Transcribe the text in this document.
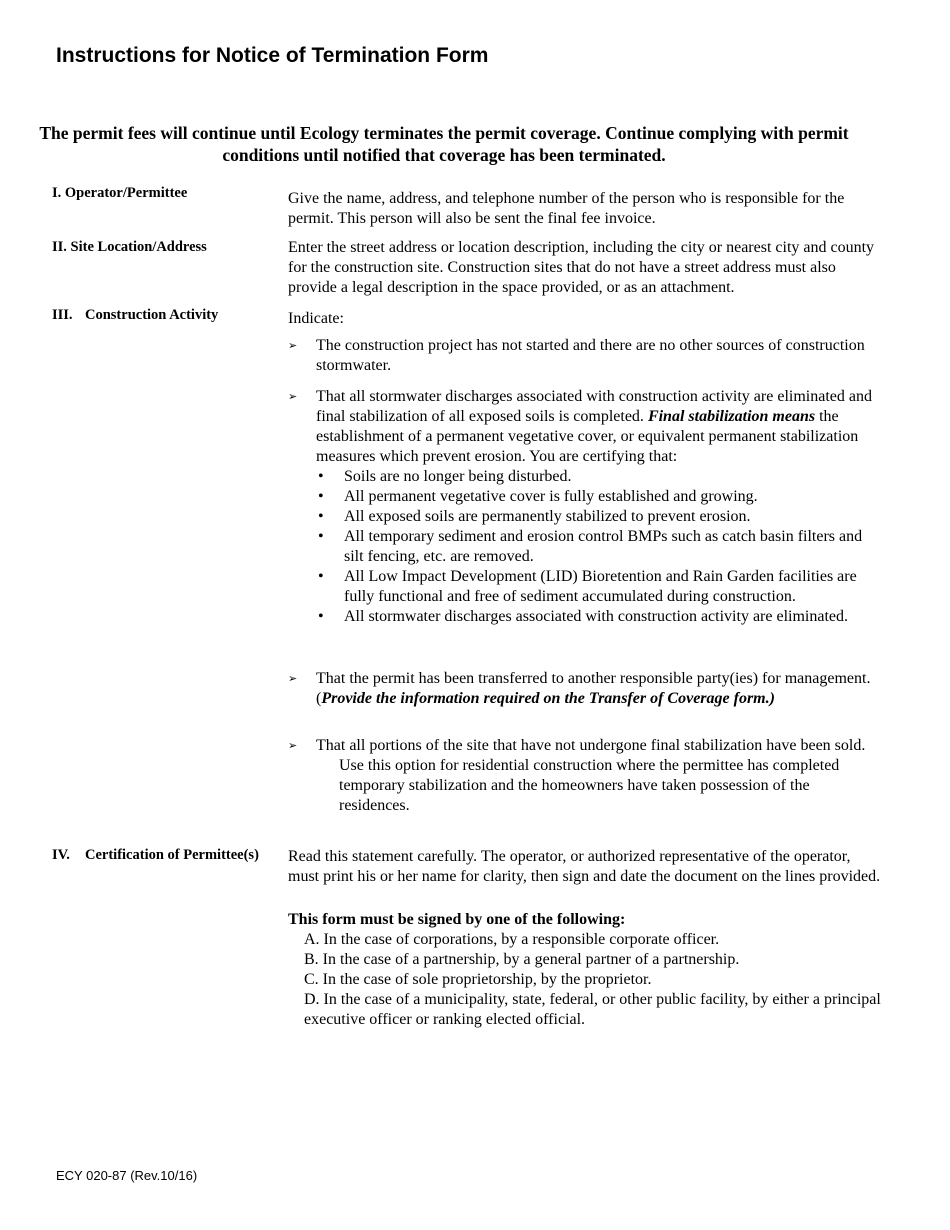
Instructions for Notice of Termination Form

The permit fees will continue until Ecology terminates the permit coverage. Continue complying with permit conditions until notified that coverage has been terminated.

I. Operator/Permittee	Give the name, address, and telephone number of the person who is responsible for the permit. This person will also be sent the final fee invoice.

II. Site Location/Address	Enter the street address or location description, including the city or nearest city and county for the construction site. Construction sites that do not have a street address must also provide a legal description in the space provided, or as an attachment.

III. Construction Activity	Indicate:

➢ The construction project has not started and there are no other sources of construction stormwater.
➢ That all stormwater discharges associated with construction activity are eliminated and final stabilization of all exposed soils is completed. Final stabilization means the establishment of a permanent vegetative cover, or equivalent permanent stabilization measures which prevent erosion. You are certifying that:
• Soils are no longer being disturbed.
• All permanent vegetative cover is fully established and growing.
• All exposed soils are permanently stabilized to prevent erosion.
• All temporary sediment and erosion control BMPs such as catch basin filters and silt fencing, etc. are removed.
• All Low Impact Development (LID) Bioretention and Rain Garden facilities are fully functional and free of sediment accumulated during construction.
• All stormwater discharges associated with construction activity are eliminated.
➢ That the permit has been transferred to another responsible party(ies) for management. (Provide the information required on the Transfer of Coverage form.)
➢ That all portions of the site that have not undergone final stabilization have been sold.
Use this option for residential construction where the permittee has completed temporary stabilization and the homeowners have taken possession of the residences.

IV. Certification of Permittee(s) Read this statement carefully. The operator, or authorized representative of the operator, must print his or her name for clarity, then sign and date the document on the lines provided.

This form must be signed by one of the following:

A. In the case of corporations, by a responsible corporate officer.

B. In the case of a partnership, by a general partner of a partnership.

C. In the case of sole proprietorship, by the proprietor.

D. In the case of a municipality, state, federal, or other public facility, by either a principal executive officer or ranking elected official.

ECY 020-87 (Rev.10/16)
